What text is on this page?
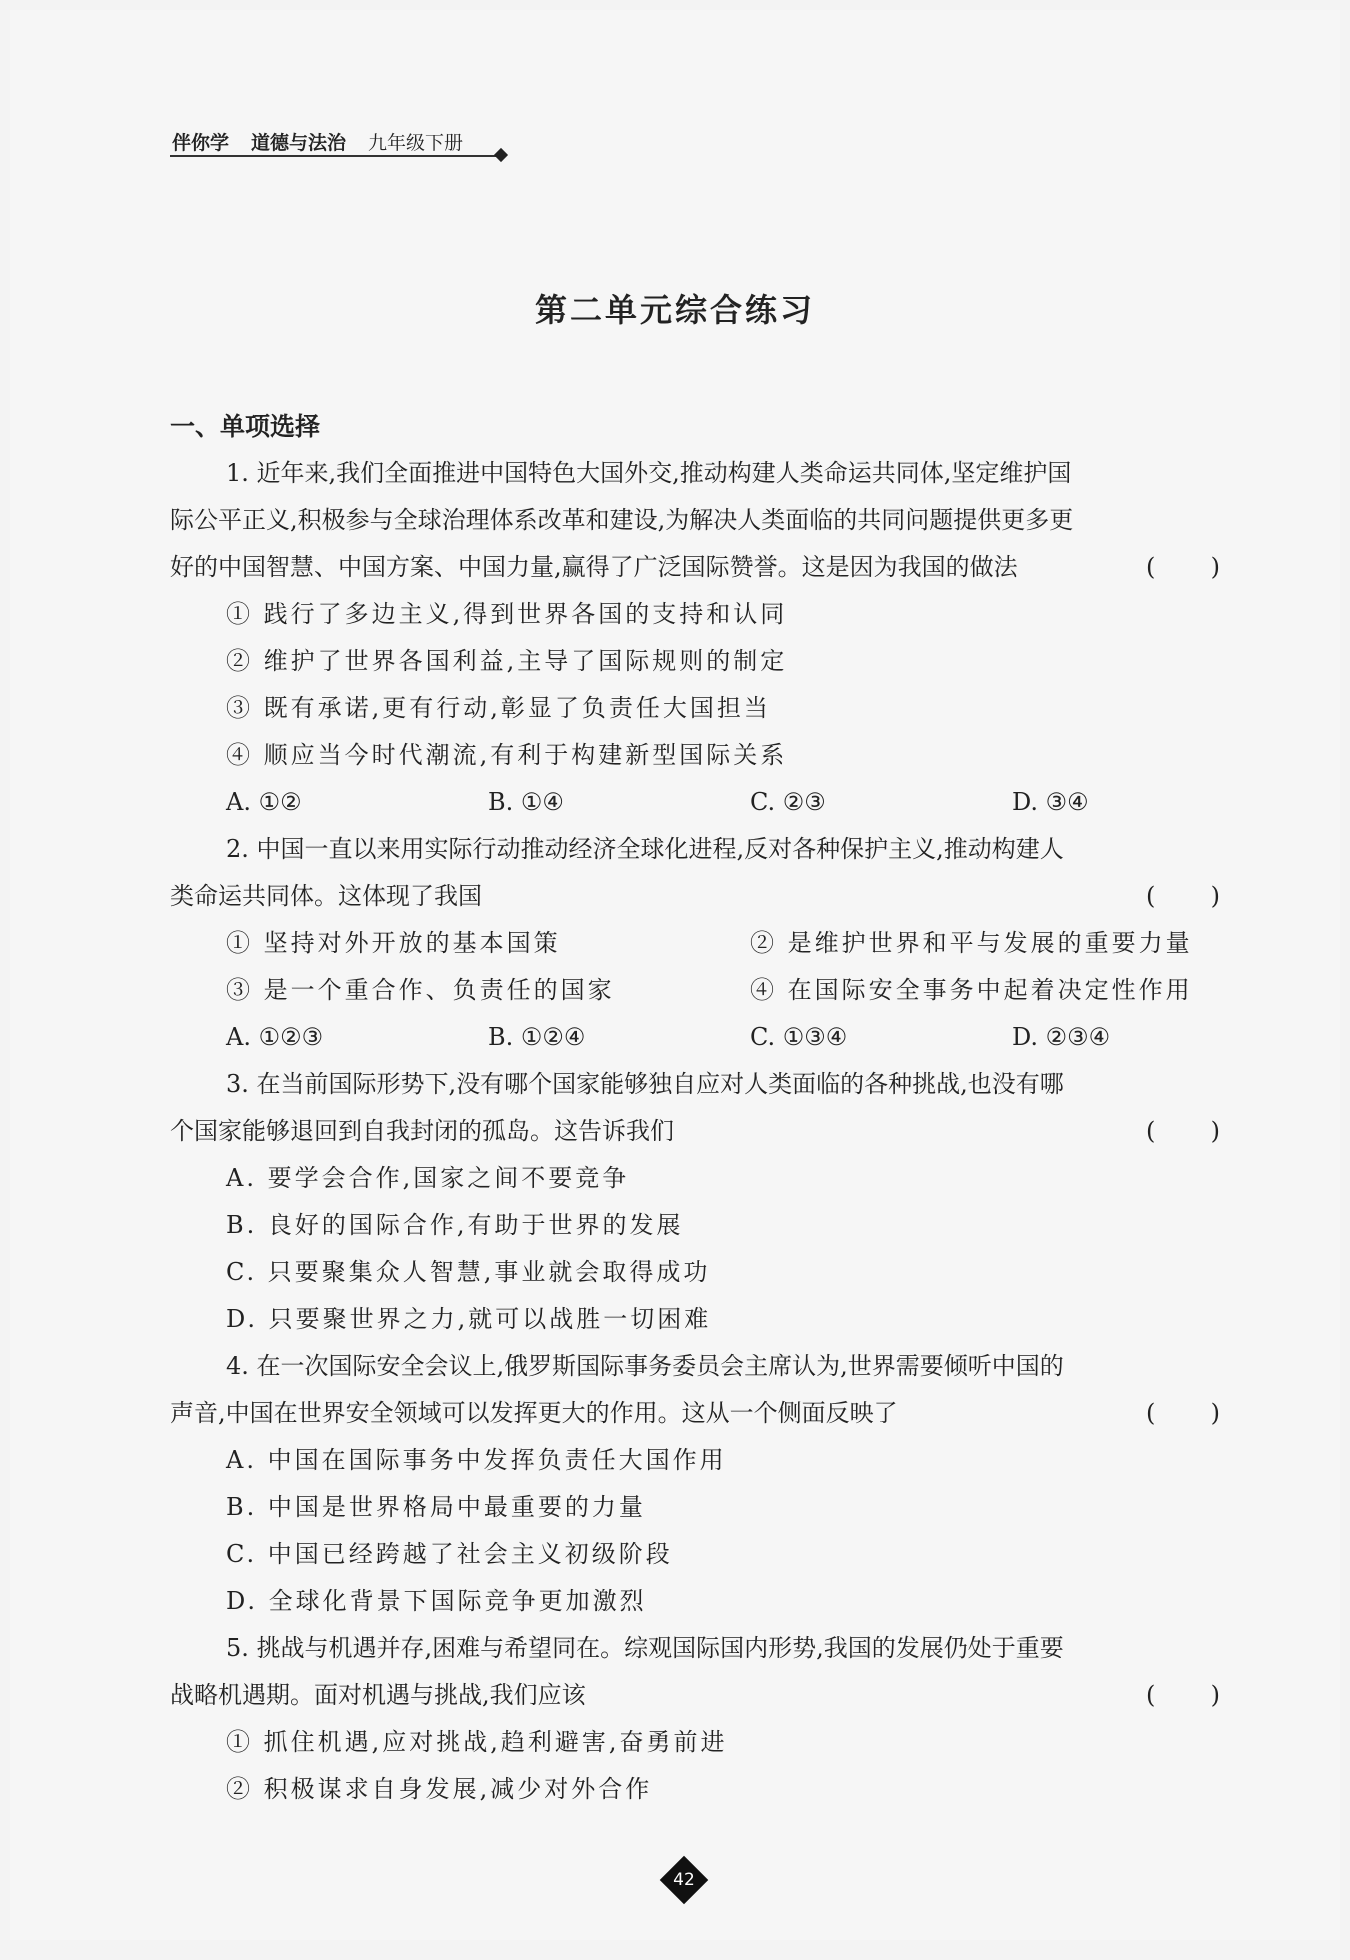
伴你学 道德与法治 九年级下册
第二单元综合练习
一、单项选择
1. 近年来,我们全面推进中国特色大国外交,推动构建人类命运共同体,坚定维护国
际公平正义,积极参与全球治理体系改革和建设,为解决人类面临的共同问题提供更多更
好的中国智慧、中国方案、中国力量,赢得了广泛国际赞誉。这是因为我国的做法	( )
① 践行了多边主义,得到世界各国的支持和认同
② 维护了世界各国利益,主导了国际规则的制定
③ 既有承诺,更有行动,彰显了负责任大国担当
④ 顺应当今时代潮流,有利于构建新型国际关系
A. ①②	B. ①④	C. ②③	D. ③④
2. 中国一直以来用实际行动推动经济全球化进程,反对各种保护主义,推动构建人
类命运共同体。这体现了我国	( )
① 坚持对外开放的基本国策	② 是维护世界和平与发展的重要力量
③ 是一个重合作、负责任的国家	④ 在国际安全事务中起着决定性作用
A. ①②③	B. ①②④	C. ①③④	D. ②③④
3. 在当前国际形势下,没有哪个国家能够独自应对人类面临的各种挑战,也没有哪
个国家能够退回到自我封闭的孤岛。这告诉我们	( )
A. 要学会合作,国家之间不要竞争
B. 良好的国际合作,有助于世界的发展
C. 只要聚集众人智慧,事业就会取得成功
D. 只要聚世界之力,就可以战胜一切困难
4. 在一次国际安全会议上,俄罗斯国际事务委员会主席认为,世界需要倾听中国的
声音,中国在世界安全领域可以发挥更大的作用。这从一个侧面反映了	( )
A. 中国在国际事务中发挥负责任大国作用
B. 中国是世界格局中最重要的力量
C. 中国已经跨越了社会主义初级阶段
D. 全球化背景下国际竞争更加激烈
5. 挑战与机遇并存,困难与希望同在。综观国际国内形势,我国的发展仍处于重要
战略机遇期。面对机遇与挑战,我们应该	( )
① 抓住机遇,应对挑战,趋利避害,奋勇前进
② 积极谋求自身发展,减少对外合作
42
